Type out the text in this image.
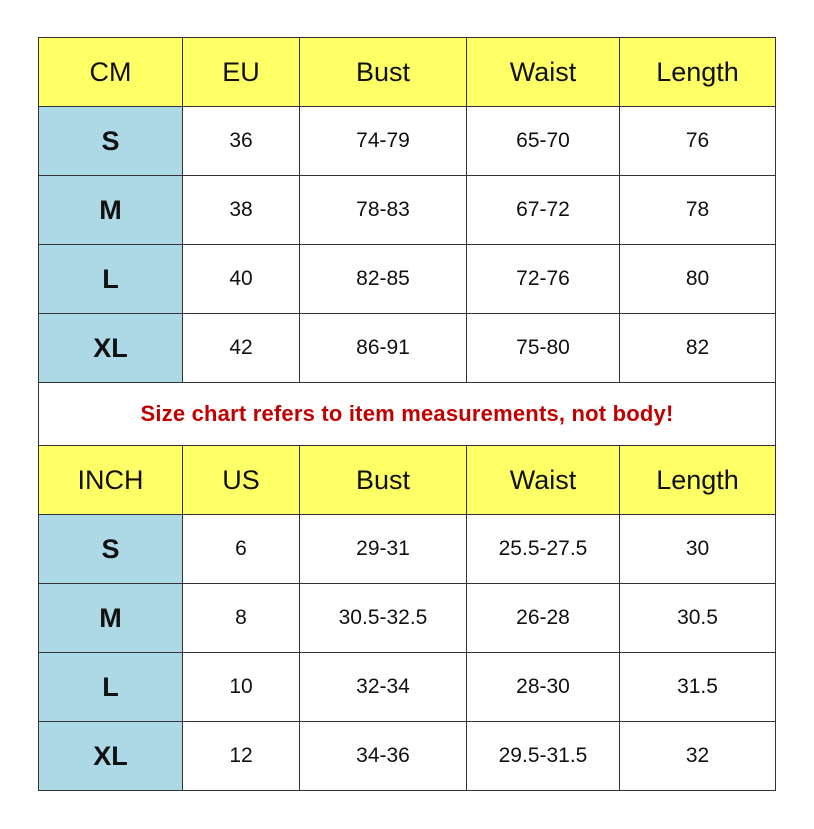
CM	EU	Bust	Waist	Length
S	36	74-79	65-70	76
M	38	78-83	67-72	78
L	40	82-85	72-76	80
XL	42	86-91	75-80	82
Size chart refers to item measurements, not body!				
INCH	US	Bust	Waist	Length
S	6	29-31	25.5-27.5	30
M	8	30.5-32.5	26-28	30.5
L	10	32-34	28-30	31.5
XL	12	34-36	29.5-31.5	32
